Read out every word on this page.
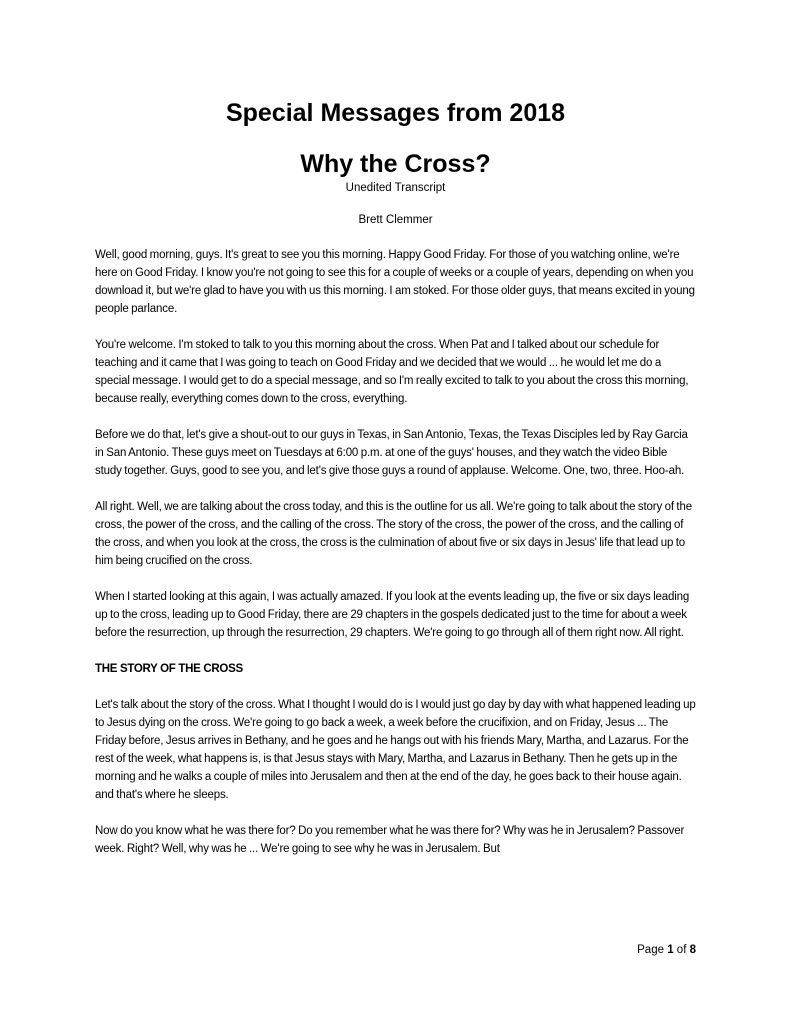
Special Messages from 2018
Why the Cross?

Unedited Transcript

Brett Clemmer

Well, good morning, guys. It's great to see you this morning. Happy Good Friday. For those of you watching online, we're here on Good Friday. I know you're not going to see this for a couple of weeks or a couple of years, depending on when you download it, but we're glad to have you with us this morning. I am stoked. For those older guys, that means excited in young people parlance.

You're welcome. I'm stoked to talk to you this morning about the cross. When Pat and I talked about our schedule for teaching and it came that I was going to teach on Good Friday and we decided that we would ... he would let me do a special message. I would get to do a special message, and so I'm really excited to talk to you about the cross this morning, because really, everything comes down to the cross, everything.

Before we do that, let's give a shout-out to our guys in Texas, in San Antonio, Texas, the Texas Disciples led by Ray Garcia in San Antonio. These guys meet on Tuesdays at 6:00 p.m. at one of the guys' houses, and they watch the video Bible study together. Guys, good to see you, and let's give those guys a round of applause. Welcome. One, two, three. Hoo-ah.

All right. Well, we are talking about the cross today, and this is the outline for us all. We're going to talk about the story of the cross, the power of the cross, and the calling of the cross. The story of the cross, the power of the cross, and the calling of the cross, and when you look at the cross, the cross is the culmination of about five or six days in Jesus' life that lead up to him being crucified on the cross.

When I started looking at this again, I was actually amazed. If you look at the events leading up, the five or six days leading up to the cross, leading up to Good Friday, there are 29 chapters in the gospels dedicated just to the time for about a week before the resurrection, up through the resurrection, 29 chapters. We're going to go through all of them right now. All right.

THE STORY OF THE CROSS

Let's talk about the story of the cross. What I thought I would do is I would just go day by day with what happened leading up to Jesus dying on the cross. We're going to go back a week, a week before the crucifixion, and on Friday, Jesus ... The Friday before, Jesus arrives in Bethany, and he goes and he hangs out with his friends Mary, Martha, and Lazarus. For the rest of the week, what happens is, is that Jesus stays with Mary, Martha, and Lazarus in Bethany. Then he gets up in the morning and he walks a couple of miles into Jerusalem and then at the end of the day, he goes back to their house again. and that's where he sleeps.

Now do you know what he was there for? Do you remember what he was there for? Why was he in Jerusalem? Passover week. Right? Well, why was he ... We're going to see why he was in Jerusalem. But

Page 1 of 8
